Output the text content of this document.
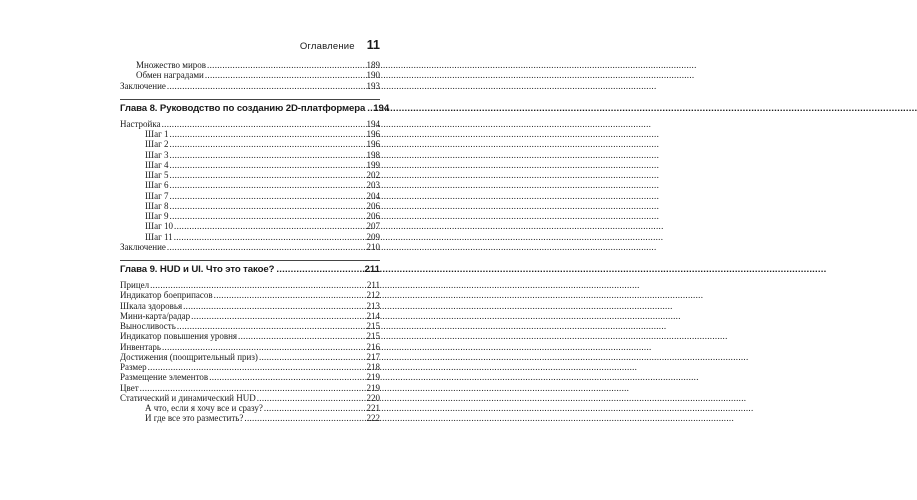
Оглавление 11
Множество миров .....	189
Обмен наградами .....	190
Заключение .....	193
Глава 8. Руководство по созданию 2D-платформера ..... 194
Настройка .....	194
Шаг 1 .....	196
Шаг 2 .....	196
Шаг 3 .....	198
Шаг 4 .....	199
Шаг 5 .....	202
Шаг 6 .....	203
Шаг 7 .....	204
Шаг 8 .....	206
Шаг 9 .....	206
Шаг 10 .....	207
Шаг 11 .....	209
Заключение .....	210
Глава 9. HUD и UI. Что это такое? .....	211
Прицел .....	211
Индикатор боеприпасов .....	212
Шкала здоровья .....	213
Мини-карта/радар .....	214
Выносливость .....	215
Индикатор повышения уровня .....	215
Инвентарь .....	216
Достижения (поощрительный приз) .....	217
Размер .....	218
Размещение элементов .....	219
Цвет .....	219
Статический и динамический HUD .....	220
А что, если я хочу все и сразу? .....	221
И где все это разместить? .....	222
